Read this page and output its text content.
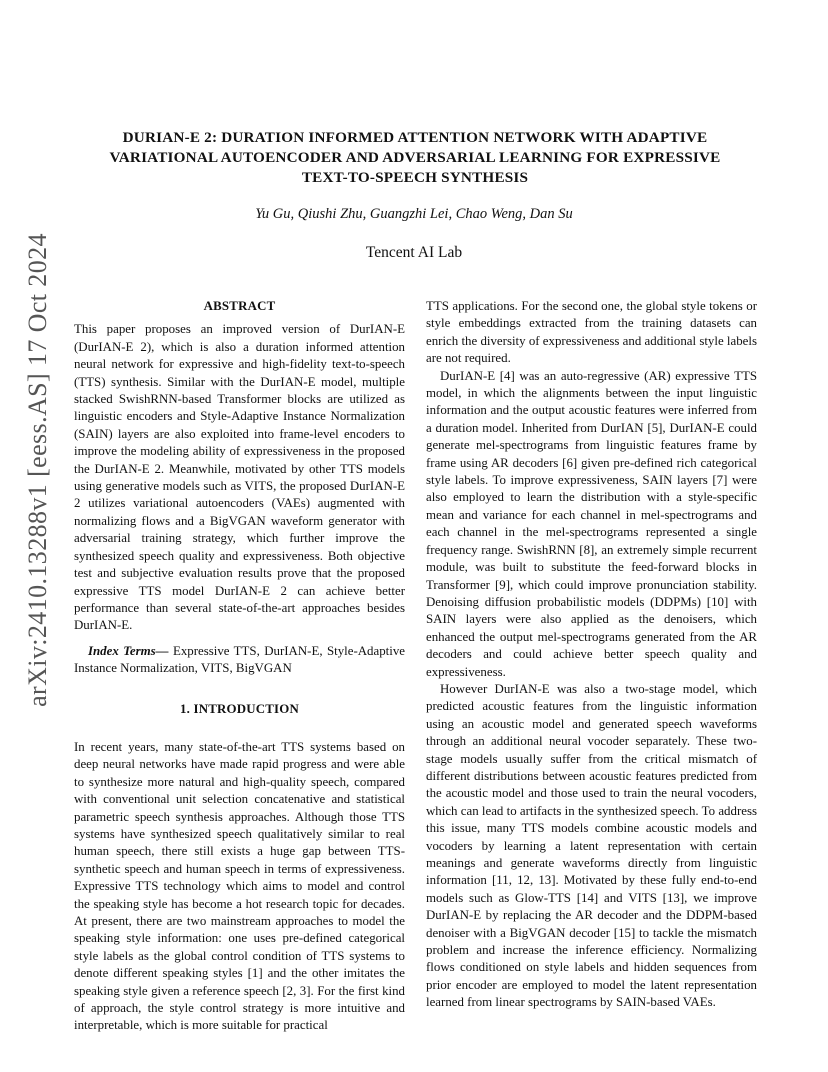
arXiv:2410.13288v1 [eess.AS] 17 Oct 2024
DURIAN-E 2: DURATION INFORMED ATTENTION NETWORK WITH ADAPTIVE
VARIATIONAL AUTOENCODER AND ADVERSARIAL LEARNING FOR EXPRESSIVE
TEXT-TO-SPEECH SYNTHESIS
Yu Gu, Qiushi Zhu, Guangzhi Lei, Chao Weng, Dan Su
Tencent AI Lab
ABSTRACT

This paper proposes an improved version of DurIAN-E (DurIAN-E 2), which is also a duration informed attention neural network for expressive and high-fidelity text-to-speech (TTS) synthesis. Similar with the DurIAN-E model, multiple stacked SwishRNN-based Transformer blocks are utilized as linguistic encoders and Style-Adaptive Instance Normalization (SAIN) layers are also exploited into frame-level encoders to improve the modeling ability of expressiveness in the proposed the DurIAN-E 2. Meanwhile, motivated by other TTS models using generative models such as VITS, the proposed DurIAN-E 2 utilizes variational autoencoders (VAEs) augmented with normalizing flows and a BigVGAN waveform generator with adversarial training strategy, which further improve the synthesized speech quality and expressiveness. Both objective test and subjective evaluation results prove that the proposed expressive TTS model DurIAN-E 2 can achieve better performance than several state-of-the-art approaches besides DurIAN-E.

Index Terms— Expressive TTS, DurIAN-E, Style-Adaptive Instance Normalization, VITS, BigVGAN

1. INTRODUCTION

In recent years, many state-of-the-art TTS systems based on deep neural networks have made rapid progress and were able to synthesize more natural and high-quality speech, compared with conventional unit selection concatenative and statistical parametric speech synthesis approaches. Although those TTS systems have synthesized speech qualitatively similar to real human speech, there still exists a huge gap between TTS-synthetic speech and human speech in terms of expressiveness. Expressive TTS technology which aims to model and control the speaking style has become a hot research topic for decades. At present, there are two mainstream approaches to model the speaking style information: one uses pre-defined categorical style labels as the global control condition of TTS systems to denote different speaking styles [1] and the other imitates the speaking style given a reference speech [2, 3]. For the first kind of approach, the style control strategy is more intuitive and interpretable, which is more suitable for practical

TTS applications. For the second one, the global style tokens or style embeddings extracted from the training datasets can enrich the diversity of expressiveness and additional style labels are not required.

DurIAN-E [4] was an auto-regressive (AR) expressive TTS model, in which the alignments between the input linguistic information and the output acoustic features were inferred from a duration model. Inherited from DurIAN [5], DurIAN-E could generate mel-spectrograms from linguistic features frame by frame using AR decoders [6] given pre-defined rich categorical style labels. To improve expressiveness, SAIN layers [7] were also employed to learn the distribution with a style-specific mean and variance for each channel in mel-spectrograms and each channel in the mel-spectrograms represented a single frequency range. SwishRNN [8], an extremely simple recurrent module, was built to substitute the feed-forward blocks in Transformer [9], which could improve pronunciation stability. Denoising diffusion probabilistic models (DDPMs) [10] with SAIN layers were also applied as the denoisers, which enhanced the output mel-spectrograms generated from the AR decoders and could achieve better speech quality and expressiveness.

However DurIAN-E was also a two-stage model, which predicted acoustic features from the linguistic information using an acoustic model and generated speech waveforms through an additional neural vocoder separately. These two-stage models usually suffer from the critical mismatch of different distributions between acoustic features predicted from the acoustic model and those used to train the neural vocoders, which can lead to artifacts in the synthesized speech. To address this issue, many TTS models combine acoustic models and vocoders by learning a latent representation with certain meanings and generate waveforms directly from linguistic information [11, 12, 13]. Motivated by these fully end-to-end models such as Glow-TTS [14] and VITS [13], we improve DurIAN-E by replacing the AR decoder and the DDPM-based denoiser with a BigVGAN decoder [15] to tackle the mismatch problem and increase the inference efficiency. Normalizing flows conditioned on style labels and hidden sequences from prior encoder are employed to model the latent representation learned from linear spectrograms by SAIN-based VAEs.
